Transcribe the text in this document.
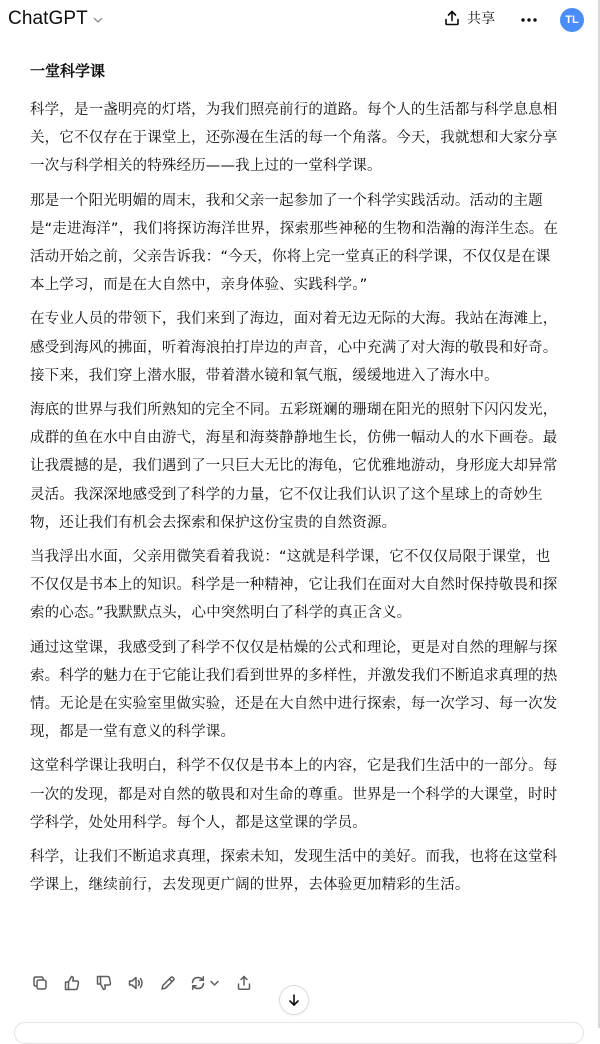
ChatGPT	共享	TL
一堂科学课

科学，是一盏明亮的灯塔，为我们照亮前行的道路。每个人的生活都与科学息息相关，它不仅存在于课堂上，还弥漫在生活的每一个角落。今天，我就想和大家分享一次与科学相关的特殊经历——我上过的一堂科学课。

那是一个阳光明媚的周末，我和父亲一起参加了一个科学实践活动。活动的主题是“走进海洋”，我们将探访海洋世界，探索那些神秘的生物和浩瀚的海洋生态。在活动开始之前，父亲告诉我：“今天，你将上完一堂真正的科学课，不仅仅是在课本上学习，而是在大自然中，亲身体验、实践科学。”

在专业人员的带领下，我们来到了海边，面对着无边无际的大海。我站在海滩上，感受到海风的拂面，听着海浪拍打岸边的声音，心中充满了对大海的敬畏和好奇。接下来，我们穿上潜水服，带着潜水镜和氧气瓶，缓缓地进入了海水中。

海底的世界与我们所熟知的完全不同。五彩斑斓的珊瑚在阳光的照射下闪闪发光，成群的鱼在水中自由游弋，海星和海葵静静地生长，仿佛一幅动人的水下画卷。最让我震撼的是，我们遇到了一只巨大无比的海龟，它优雅地游动，身形庞大却异常灵活。我深深地感受到了科学的力量，它不仅让我们认识了这个星球上的奇妙生物，还让我们有机会去探索和保护这份宝贵的自然资源。

当我浮出水面，父亲用微笑看着我说：“这就是科学课，它不仅仅局限于课堂，也不仅仅是书本上的知识。科学是一种精神，它让我们在面对大自然时保持敬畏和探索的心态。”我默默点头，心中突然明白了科学的真正含义。

通过这堂课，我感受到了科学不仅仅是枯燥的公式和理论，更是对自然的理解与探索。科学的魅力在于它能让我们看到世界的多样性，并激发我们不断追求真理的热情。无论是在实验室里做实验，还是在大自然中进行探索，每一次学习、每一次发现，都是一堂有意义的科学课。

这堂科学课让我明白，科学不仅仅是书本上的内容，它是我们生活中的一部分。每一次的发现，都是对自然的敬畏和对生命的尊重。世界是一个科学的大课堂，时时学科学，处处用科学。每个人，都是这堂课的学员。

科学，让我们不断追求真理，探索未知，发现生活中的美好。而我，也将在这堂科学课上，继续前行，去发现更广阔的世界，去体验更加精彩的生活。
